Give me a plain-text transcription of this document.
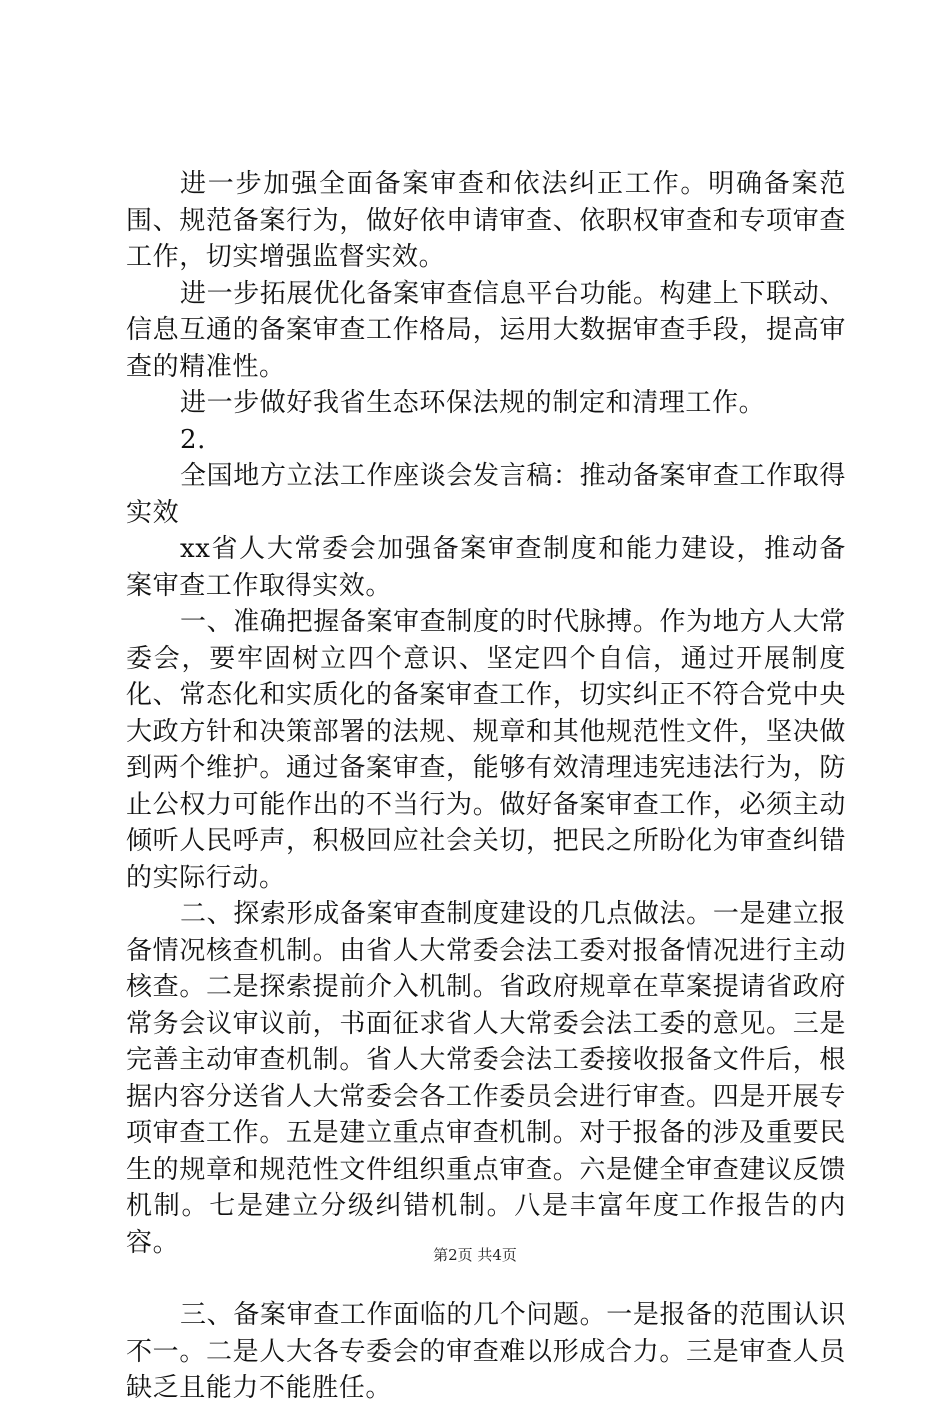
进一步加强全面备案审查和依法纠正工作。明确备案范围、规范备案行为，做好依申请审查、依职权审查和专项审查工作，切实增强监督实效。

进一步拓展优化备案审查信息平台功能。构建上下联动、信息互通的备案审查工作格局，运用大数据审查手段，提高审查的精准性。

进一步做好我省生态环保法规的制定和清理工作。

2.

全国地方立法工作座谈会发言稿：推动备案审查工作取得实效

xx省人大常委会加强备案审查制度和能力建设，推动备案审查工作取得实效。

一、准确把握备案审查制度的时代脉搏。作为地方人大常委会，要牢固树立四个意识、坚定四个自信，通过开展制度化、常态化和实质化的备案审查工作，切实纠正不符合党中央大政方针和决策部署的法规、规章和其他规范性文件，坚决做到两个维护。通过备案审查，能够有效清理违宪违法行为，防止公权力可能作出的不当行为。做好备案审查工作，必须主动倾听人民呼声，积极回应社会关切，把民之所盼化为审查纠错的实际行动。

二、探索形成备案审查制度建设的几点做法。一是建立报备情况核查机制。由省人大常委会法工委对报备情况进行主动核查。二是探索提前介入机制。省政府规章在草案提请省政府常务会议审议前，书面征求省人大常委会法工委的意见。三是完善主动审查机制。省人大常委会法工委接收报备文件后，根据内容分送省人大常委会各工作委员会进行审查。四是开展专项审查工作。五是建立重点审查机制。对于报备的涉及重要民生的规章和规范性文件组织重点审查。六是健全审查建议反馈机制。七是建立分级纠错机制。八是丰富年度工作报告的内容。

三、备案审查工作面临的几个问题。一是报备的范围认识不一。二是人大各专委会的审查难以形成合力。三是审查人员缺乏且能力不能胜任。

第2页 共4页
